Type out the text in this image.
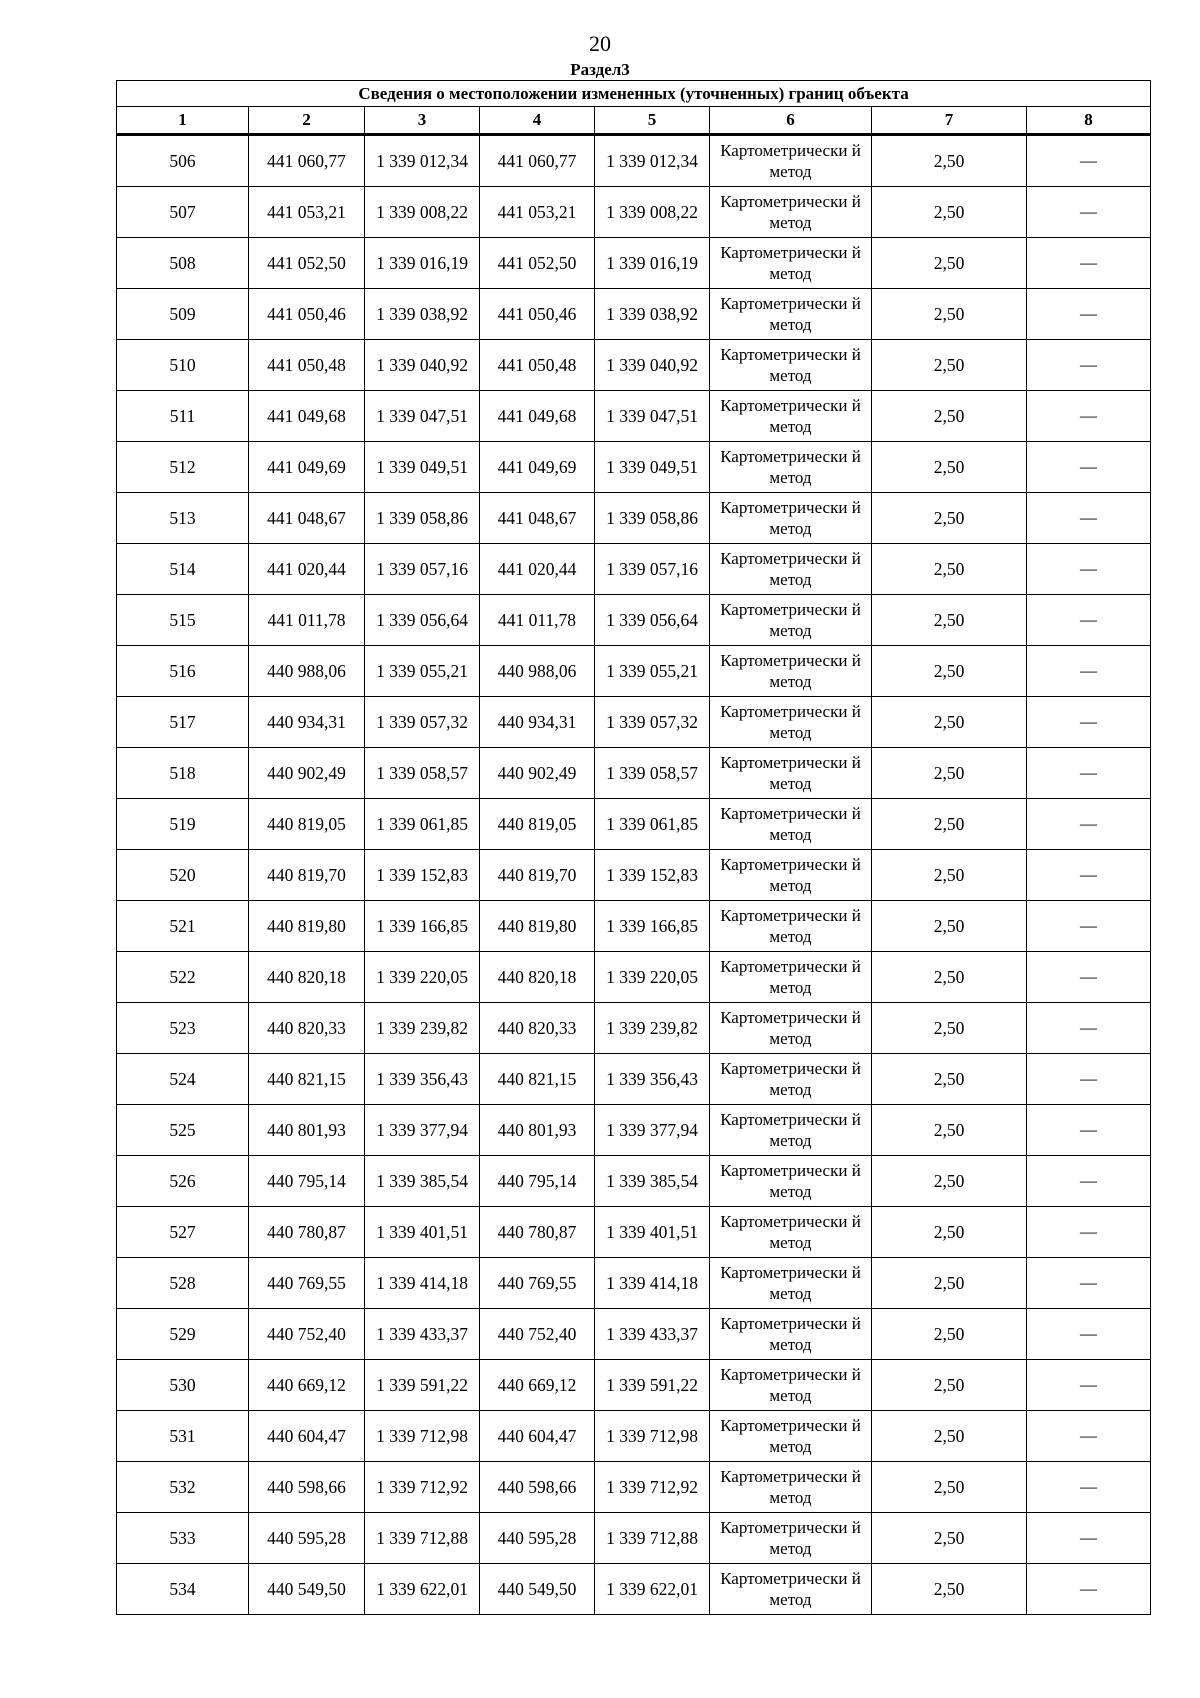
20
Раздел3
Сведения о местоположении измененных (уточненных) границ объекта							
1	2	3	4	5	6	7	8
506	441 060,77	1 339 012,34	441 060,77	1 339 012,34	Картометрически й метод	2,50	—
507	441 053,21	1 339 008,22	441 053,21	1 339 008,22	Картометрически й метод	2,50	—
508	441 052,50	1 339 016,19	441 052,50	1 339 016,19	Картометрически й метод	2,50	—
509	441 050,46	1 339 038,92	441 050,46	1 339 038,92	Картометрически й метод	2,50	—
510	441 050,48	1 339 040,92	441 050,48	1 339 040,92	Картометрически й метод	2,50	—
511	441 049,68	1 339 047,51	441 049,68	1 339 047,51	Картометрически й метод	2,50	—
512	441 049,69	1 339 049,51	441 049,69	1 339 049,51	Картометрически й метод	2,50	—
513	441 048,67	1 339 058,86	441 048,67	1 339 058,86	Картометрически й метод	2,50	—
514	441 020,44	1 339 057,16	441 020,44	1 339 057,16	Картометрически й метод	2,50	—
515	441 011,78	1 339 056,64	441 011,78	1 339 056,64	Картометрически й метод	2,50	—
516	440 988,06	1 339 055,21	440 988,06	1 339 055,21	Картометрически й метод	2,50	—
517	440 934,31	1 339 057,32	440 934,31	1 339 057,32	Картометрически й метод	2,50	—
518	440 902,49	1 339 058,57	440 902,49	1 339 058,57	Картометрически й метод	2,50	—
519	440 819,05	1 339 061,85	440 819,05	1 339 061,85	Картометрически й метод	2,50	—
520	440 819,70	1 339 152,83	440 819,70	1 339 152,83	Картометрически й метод	2,50	—
521	440 819,80	1 339 166,85	440 819,80	1 339 166,85	Картометрически й метод	2,50	—
522	440 820,18	1 339 220,05	440 820,18	1 339 220,05	Картометрически й метод	2,50	—
523	440 820,33	1 339 239,82	440 820,33	1 339 239,82	Картометрически й метод	2,50	—
524	440 821,15	1 339 356,43	440 821,15	1 339 356,43	Картометрически й метод	2,50	—
525	440 801,93	1 339 377,94	440 801,93	1 339 377,94	Картометрически й метод	2,50	—
526	440 795,14	1 339 385,54	440 795,14	1 339 385,54	Картометрически й метод	2,50	—
527	440 780,87	1 339 401,51	440 780,87	1 339 401,51	Картометрически й метод	2,50	—
528	440 769,55	1 339 414,18	440 769,55	1 339 414,18	Картометрически й метод	2,50	—
529	440 752,40	1 339 433,37	440 752,40	1 339 433,37	Картометрически й метод	2,50	—
530	440 669,12	1 339 591,22	440 669,12	1 339 591,22	Картометрически й метод	2,50	—
531	440 604,47	1 339 712,98	440 604,47	1 339 712,98	Картометрически й метод	2,50	—
532	440 598,66	1 339 712,92	440 598,66	1 339 712,92	Картометрически й метод	2,50	—
533	440 595,28	1 339 712,88	440 595,28	1 339 712,88	Картометрически й метод	2,50	—
534	440 549,50	1 339 622,01	440 549,50	1 339 622,01	Картометрически й метод	2,50	—
